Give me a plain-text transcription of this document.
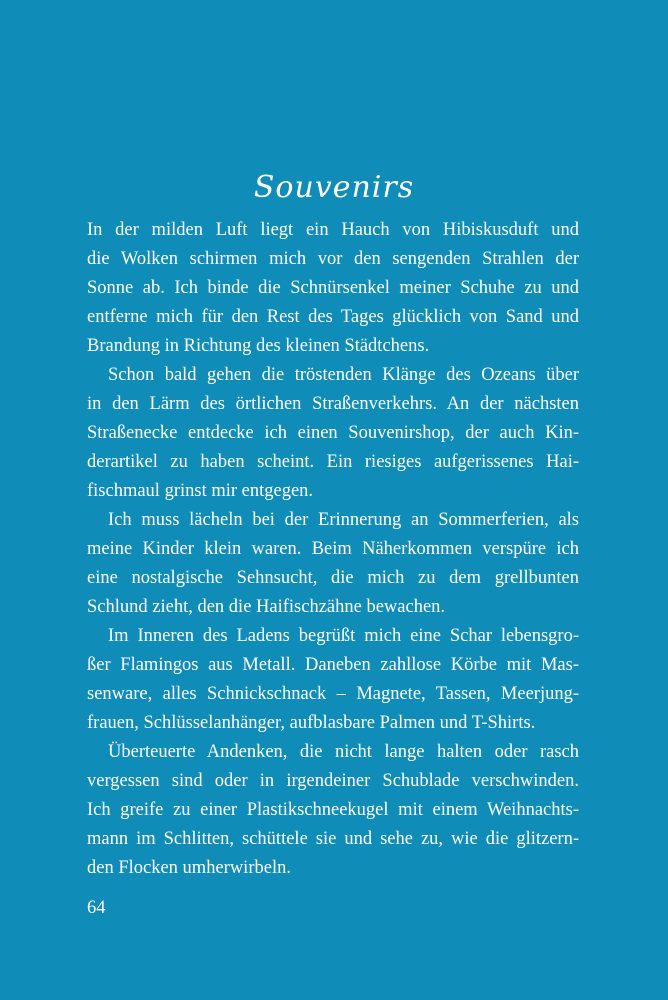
Souvenirs

In der milden Luft liegt ein Hauch von Hibiskusduft und
die Wolken schirmen mich vor den sengenden Strahlen der
Sonne ab. Ich binde die Schnürsenkel meiner Schuhe zu und
entferne mich für den Rest des Tages glücklich von Sand und
Brandung in Richtung des kleinen Städtchens.

Schon bald gehen die tröstenden Klänge des Ozeans über
in den Lärm des örtlichen Straßenverkehrs. An der nächsten
Straßenecke entdecke ich einen Souvenirshop, der auch Kin-
derartikel zu haben scheint. Ein riesiges aufgerissenes Hai-
fischmaul grinst mir entgegen.

Ich muss lächeln bei der Erinnerung an Sommerferien, als
meine Kinder klein waren. Beim Näherkommen verspüre ich
eine nostalgische Sehnsucht, die mich zu dem grellbunten
Schlund zieht, den die Haifischzähne bewachen.

Im Inneren des Ladens begrüßt mich eine Schar lebensgro-
ßer Flamingos aus Metall. Daneben zahllose Körbe mit Mas-
senware, alles Schnickschnack – Magnete, Tassen, Meerjung-
frauen, Schlüsselanhänger, aufblasbare Palmen und T-Shirts.

Überteuerte Andenken, die nicht lange halten oder rasch
vergessen sind oder in irgendeiner Schublade verschwinden.
Ich greife zu einer Plastikschneekugel mit einem Weihnachts-
mann im Schlitten, schüttele sie und sehe zu, wie die glitzern-
den Flocken umherwirbeln.

64
